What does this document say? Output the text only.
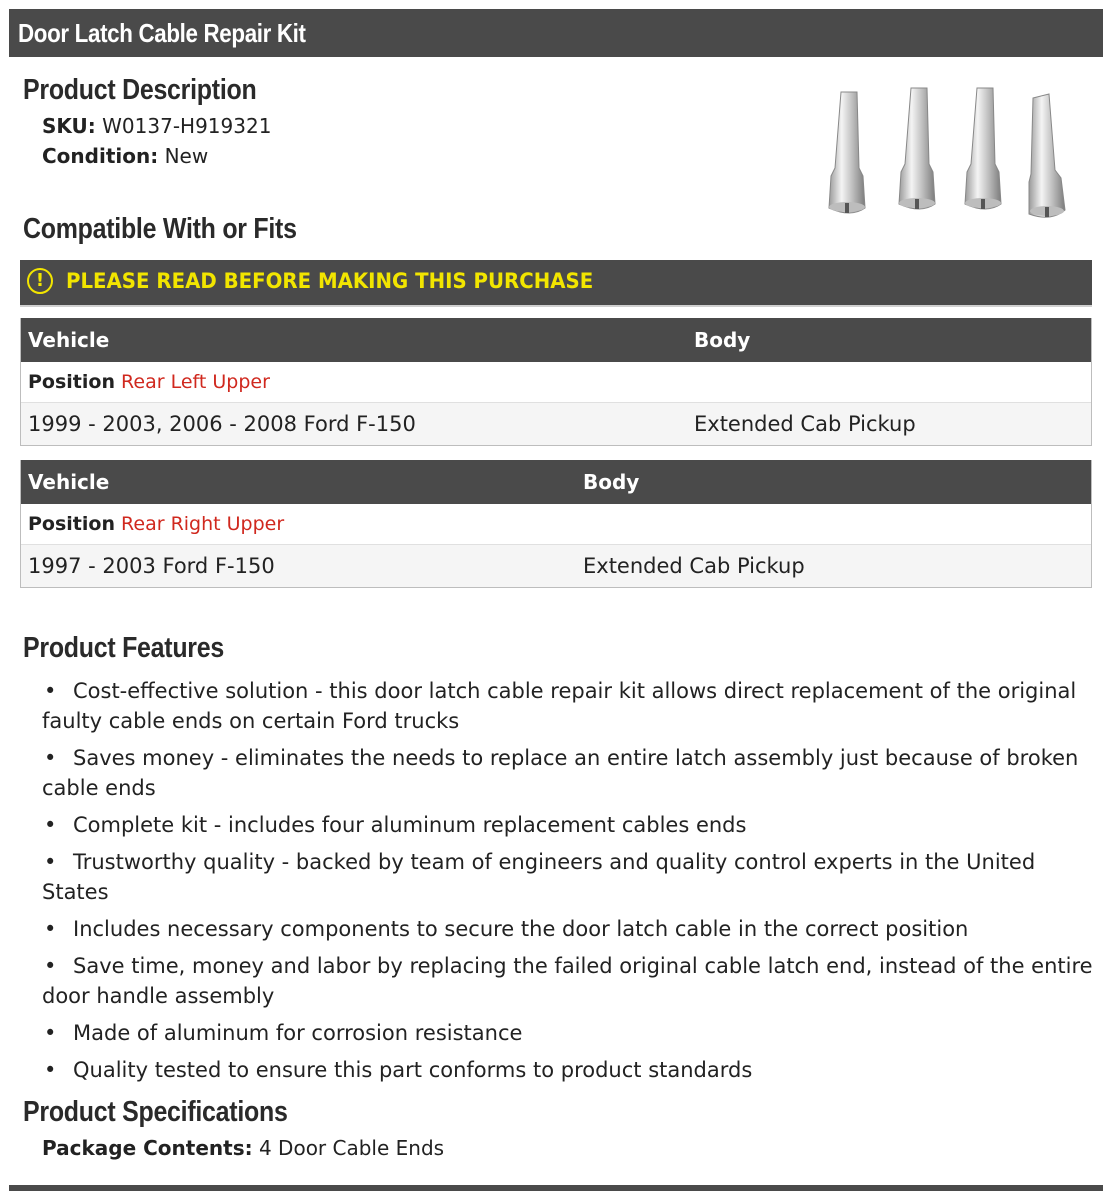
Door Latch Cable Repair Kit
Product Description
SKU: W0137-H919321
Condition: New
Compatible With or Fits
!	PLEASE READ BEFORE MAKING THIS PURCHASE
Vehicle	Body
Position Rear Left Upper
1999 - 2003, 2006 - 2008 Ford F-150	Extended Cab Pickup
Vehicle	Body
Position Rear Right Upper
1997 - 2003 Ford F-150	Extended Cab Pickup
Product Features
• Cost-effective solution - this door latch cable repair kit allows direct replacement of the original faulty cable ends on certain Ford trucks
• Saves money - eliminates the needs to replace an entire latch assembly just because of broken cable ends
• Complete kit - includes four aluminum replacement cables ends
• Trustworthy quality - backed by team of engineers and quality control experts in the United States
• Includes necessary components to secure the door latch cable in the correct position
• Save time, money and labor by replacing the failed original cable latch end, instead of the entire door handle assembly
• Made of aluminum for corrosion resistance
• Quality tested to ensure this part conforms to product standards
Product Specifications
Package Contents: 4 Door Cable Ends
